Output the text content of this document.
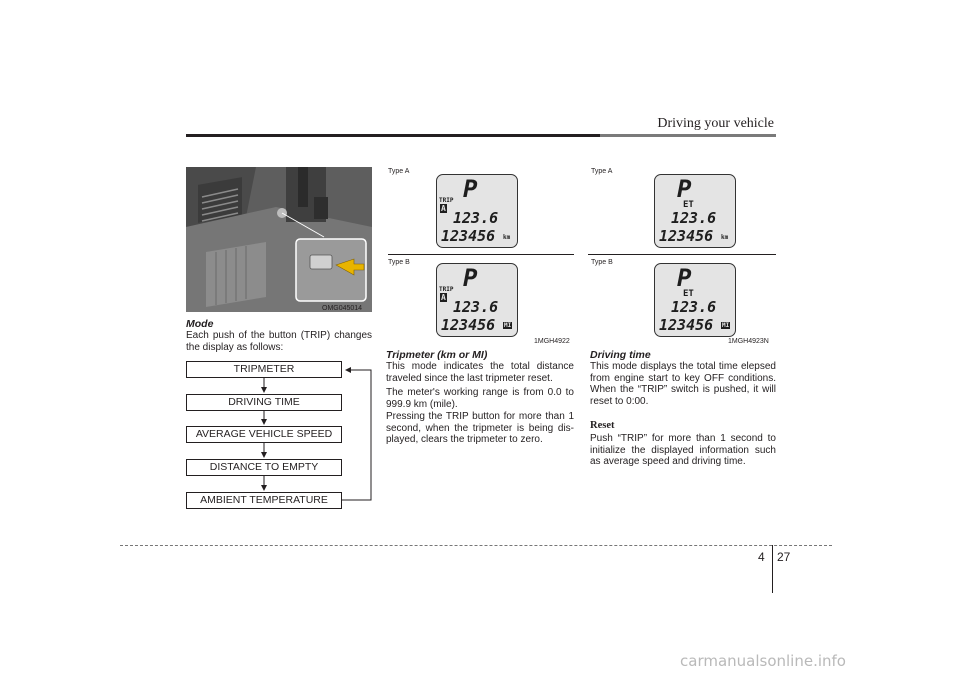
Driving your vehicle
OMG045014
Mode
Each push of the button (TRIP) changes the display as follows:
TRIPMETER
DRIVING TIME
AVERAGE VEHICLE SPEED
DISTANCE TO EMPTY
AMBIENT TEMPERATURE
Type A
P
TRIP
A
123.6
123456 km
Type B
P
TRIP
A
123.6
123456 MI
1MGH4922
Tripmeter (km or MI)
This mode indicates the total distance traveled since the last tripmeter reset.
The meter's working range is from 0.0 to 999.9 km (mile).
Pressing the TRIP button for more than 1 second, when the tripmeter is being dis- played, clears the tripmeter to zero.
Type A
P
ET
123.6
123456 km
Type B
P
ET
123.6
123456 MI
1MGH4923N
Driving time
This mode displays the total time elepsed from engine start to key OFF conditions. When the “TRIP” switch is pushed, it will reset to 0:00.
Reset
Push “TRIP” for more than 1 second to initialize the displayed information such as average speed and driving time.
4 27
carmanualsonline.info
